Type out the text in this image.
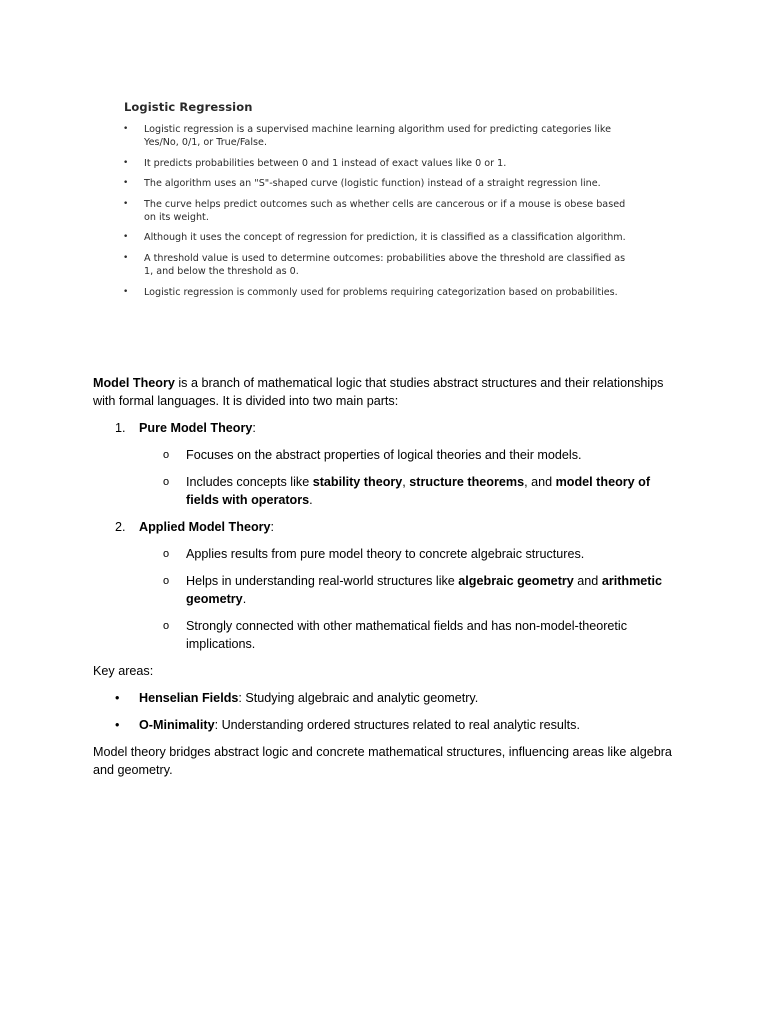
Logistic Regression
• Logistic regression is a supervised machine learning algorithm used for predicting categories like Yes/No, 0/1, or True/False.
• It predicts probabilities between 0 and 1 instead of exact values like 0 or 1.
• The algorithm uses an "S"-shaped curve (logistic function) instead of a straight regression line.
• The curve helps predict outcomes such as whether cells are cancerous or if a mouse is obese based on its weight.
• Although it uses the concept of regression for prediction, it is classified as a classification algorithm.
• A threshold value is used to determine outcomes: probabilities above the threshold are classified as 1, and below the threshold as 0.
• Logistic regression is commonly used for problems requiring categorization based on probabilities.

Model Theory is a branch of mathematical logic that studies abstract structures and their relationships with formal languages. It is divided into two main parts:

1. Pure Model Theory:
o Focuses on the abstract properties of logical theories and their models.
o Includes concepts like stability theory, structure theorems, and model theory of fields with operators.
2. Applied Model Theory:
o Applies results from pure model theory to concrete algebraic structures.
o Helps in understanding real-world structures like algebraic geometry and arithmetic geometry.
o Strongly connected with other mathematical fields and has non-model-theoretic implications.

Key areas:

• Henselian Fields: Studying algebraic and analytic geometry.
• O-Minimality: Understanding ordered structures related to real analytic results.

Model theory bridges abstract logic and concrete mathematical structures, influencing areas like algebra and geometry.
